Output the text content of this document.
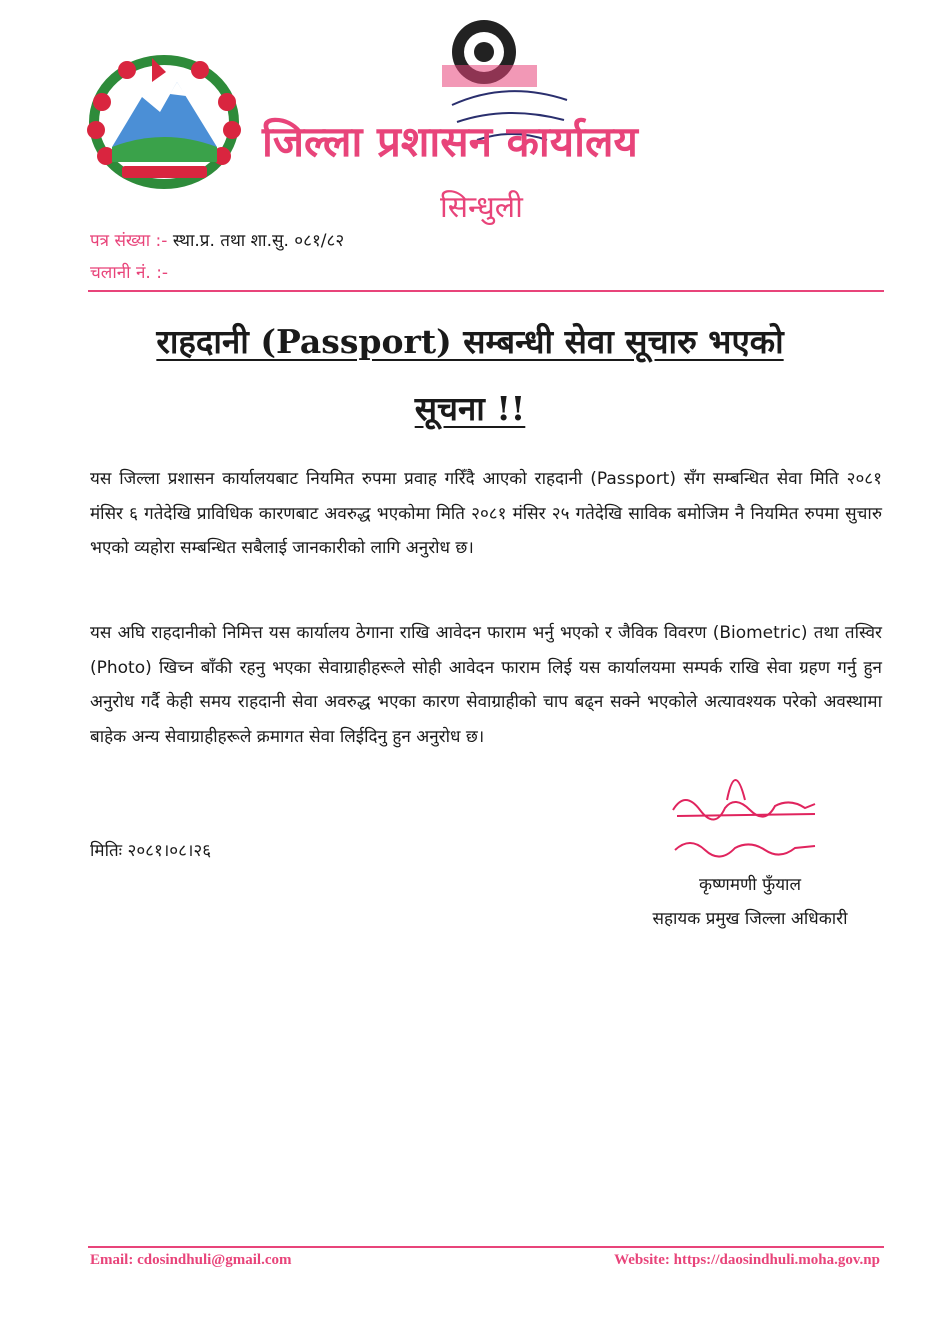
जिल्ला प्रशासन कार्यालय
सिन्धुली
पत्र संख्या :- स्था.प्र. तथा शा.सु. ०८१/८२
चलानी नं. :-
राहदानी (Passport) सम्बन्धी सेवा सूचारु भएको
सूचना !!
यस जिल्ला प्रशासन कार्यालयबाट नियमित रुपमा प्रवाह गरिँदै आएको राहदानी (Passport) सँग सम्बन्धित सेवा मिति २०८१ मंसिर ६ गतेदेखि प्राविधिक कारणबाट अवरुद्ध भएकोमा मिति २०८१ मंसिर २५ गतेदेखि साविक बमोजिम नै नियमित रुपमा सुचारु भएको व्यहोरा सम्बन्धित सबैलाई जानकारीको लागि अनुरोध छ।
यस अघि राहदानीको निमित्त यस कार्यालय ठेगाना राखि आवेदन फाराम भर्नु भएको र जैविक विवरण (Biometric) तथा तस्विर (Photo) खिच्न बाँकी रहनु भएका सेवाग्राहीहरूले सोही आवेदन फाराम लिई यस कार्यालयमा सम्पर्क राखि सेवा ग्रहण गर्नु हुन अनुरोध गर्दै केही समय राहदानी सेवा अवरुद्ध भएका कारण सेवाग्राहीको चाप बढ्न सक्ने भएकोले अत्यावश्यक परेको अवस्थामा बाहेक अन्य सेवाग्राहीहरूले क्रमागत सेवा लिईदिनु हुन अनुरोध छ।
मितिः २०८१।०८।२६
कृष्णमणी फुँयाल
सहायक प्रमुख जिल्ला अधिकारी
Email: cdosindhuli@gmail.com	Website: https://daosindhuli.moha.gov.np
